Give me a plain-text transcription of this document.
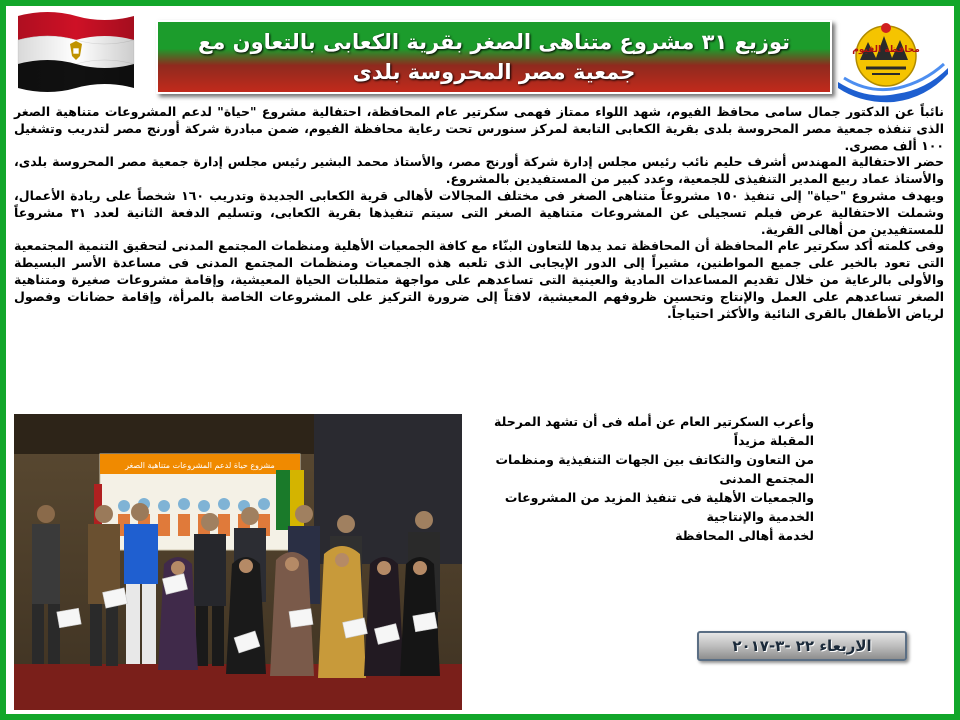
محافظة الفيوم
توزيع ٣١ مشروع متناهى الصغر بقرية الكعابى بالتعاون مع جمعية مصر المحروسة بلدى

نائباً عن الدكتور جمال سامى محافظ الفيوم، شهد اللواء ممتاز فهمى سكرتير عام المحافظة، احتفالية مشروع "حياة" لدعم المشروعات متناهية الصغر الذى تنفذه جمعية مصر المحروسة بلدى بقرية الكعابى التابعة لمركز سنورس تحت رعاية محافظة الفيوم، ضمن مبادرة شركة أورنج مصر لتدريب وتشغيل ١٠٠ ألف مصرى.

حضر الاحتفالية المهندس أشرف حليم نائب رئيس مجلس إدارة شركة أورنج مصر، والأستاذ محمد البشير رئيس مجلس إدارة جمعية مصر المحروسة بلدى، والأستاذ عماد ربيع المدير التنفيذى للجمعية، وعدد كبير من المستفيدين بالمشروع.

ويهدف مشروع "حياة" إلى تنفيذ ١٥٠ مشروعاً متناهى الصغر فى مختلف المجالات لأهالى قرية الكعابى الجديدة وتدريب ١٦٠ شخصاً على ريادة الأعمال، وشملت الاحتفالية عرض فيلم تسجيلى عن المشروعات متناهية الصغر التى سيتم تنفيذها بقرية الكعابى، وتسليم الدفعة الثانية لعدد ٣١ مشروعاً للمستفيدين من أهالى القرية.

وفى كلمته أكد سكرتير عام المحافظة أن المحافظة تمد يدها للتعاون البنّاء مع كافة الجمعيات الأهلية ومنظمات المجتمع المدنى لتحقيق التنمية المجتمعية التى تعود بالخير على جميع المواطنين، مشيراً إلى الدور الإيجابى الذى تلعبه هذه الجمعيات ومنظمات المجتمع المدنى فى مساعدة الأسر البسيطة والأولى بالرعاية من خلال تقديم المساعدات المادية والعينية التى تساعدهم على مواجهة متطلبات الحياة المعيشية، وإقامة مشروعات صغيرة ومتناهية الصغر تساعدهم على العمل والإنتاج وتحسين ظروفهم المعيشية، لافتاً إلى ضرورة التركيز على المشروعات الخاصة بالمرأة، وإقامة حضانات وفصول لرياض الأطفال بالقرى النائية والأكثر احتياجاً.

وأعرب السكرتير العام عن أمله فى أن تشهد المرحلة المقبلة مزيداً

من التعاون والتكاتف بين الجهات التنفيذية ومنظمات المجتمع المدنى

والجمعيات الأهلية فى تنفيذ المزيد من المشروعات الخدمية والإنتاجية

لخدمة أهالى المحافظة

مشروع حياة لدعم المشروعات متناهية الصغر
الاربعاء ٢٢ -٣-٢٠١٧
